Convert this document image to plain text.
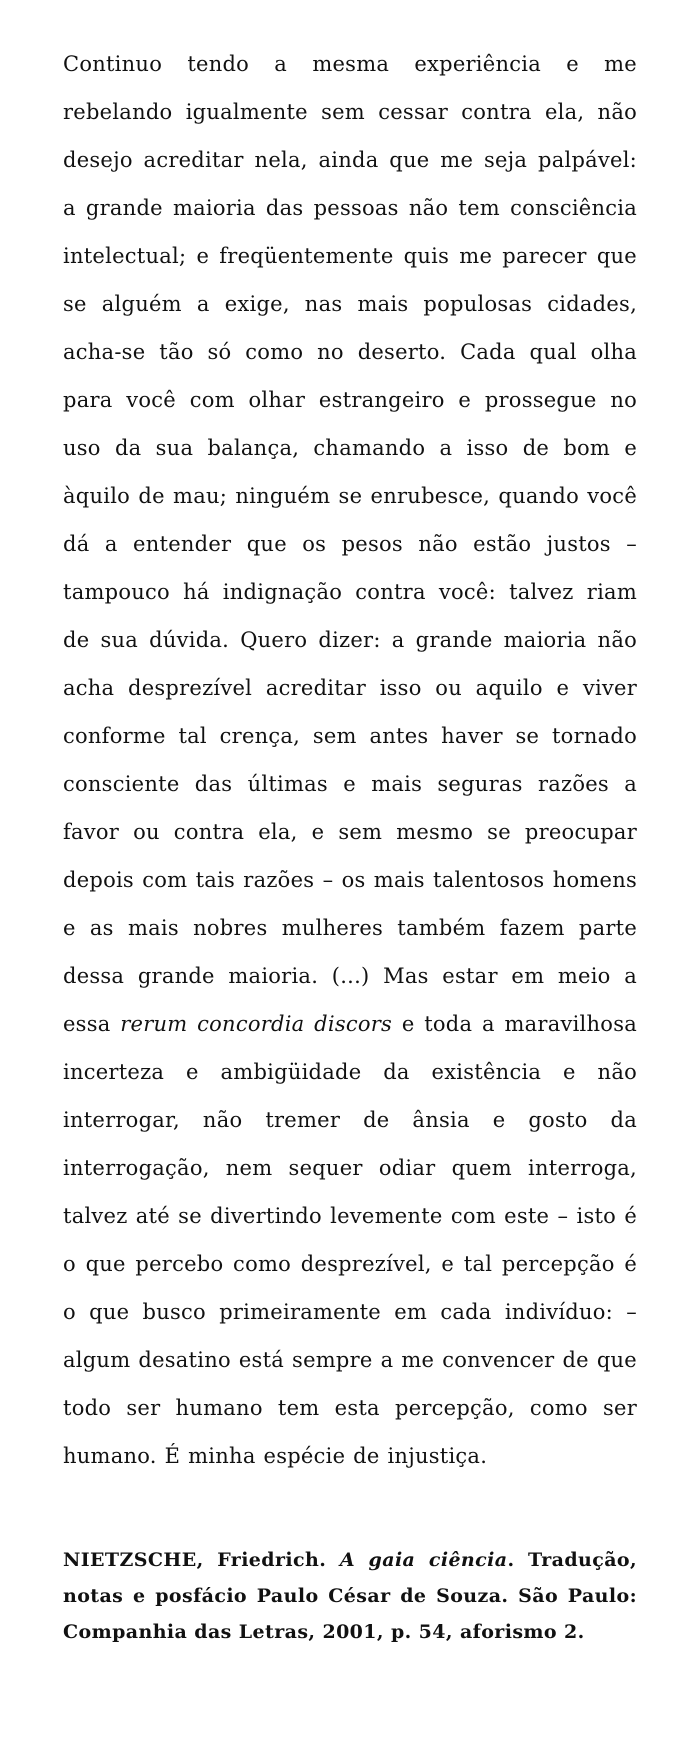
Continuo tendo a mesma experiência e me rebelando igualmente sem cessar contra ela, não desejo acreditar nela, ainda que me seja palpável: a grande maioria das pessoas não tem consciência intelectual; e freqüentemente quis me parecer que se alguém a exige, nas mais populosas cidades, acha-se tão só como no deserto. Cada qual olha para você com olhar estrangeiro e prossegue no uso da sua balança, chamando a isso de bom e àquilo de mau; ninguém se enrubesce, quando você dá a entender que os pesos não estão justos – tampouco há indignação contra você: talvez riam de sua dúvida. Quero dizer: a grande maioria não acha desprezível acreditar isso ou aquilo e viver conforme tal crença, sem antes haver se tornado consciente das últimas e mais seguras razões a favor ou contra ela, e sem mesmo se preocupar depois com tais razões – os mais talentosos homens e as mais nobres mulheres também fazem parte dessa grande maioria. (...) Mas estar em meio a essa rerum concordia discors e toda a maravilhosa incerteza e ambigüidade da existência e não interrogar, não tremer de ânsia e gosto da interrogação, nem sequer odiar quem interroga, talvez até se divertindo levemente com este – isto é o que percebo como desprezível, e tal percepção é o que busco primeiramente em cada indivíduo: – algum desatino está sempre a me convencer de que todo ser humano tem esta percepção, como ser humano. É minha espécie de injustiça.

NIETZSCHE, Friedrich. A gaia ciência. Tradução, notas e posfácio Paulo César de Souza. São Paulo: Companhia das Letras, 2001, p. 54, aforismo 2.
